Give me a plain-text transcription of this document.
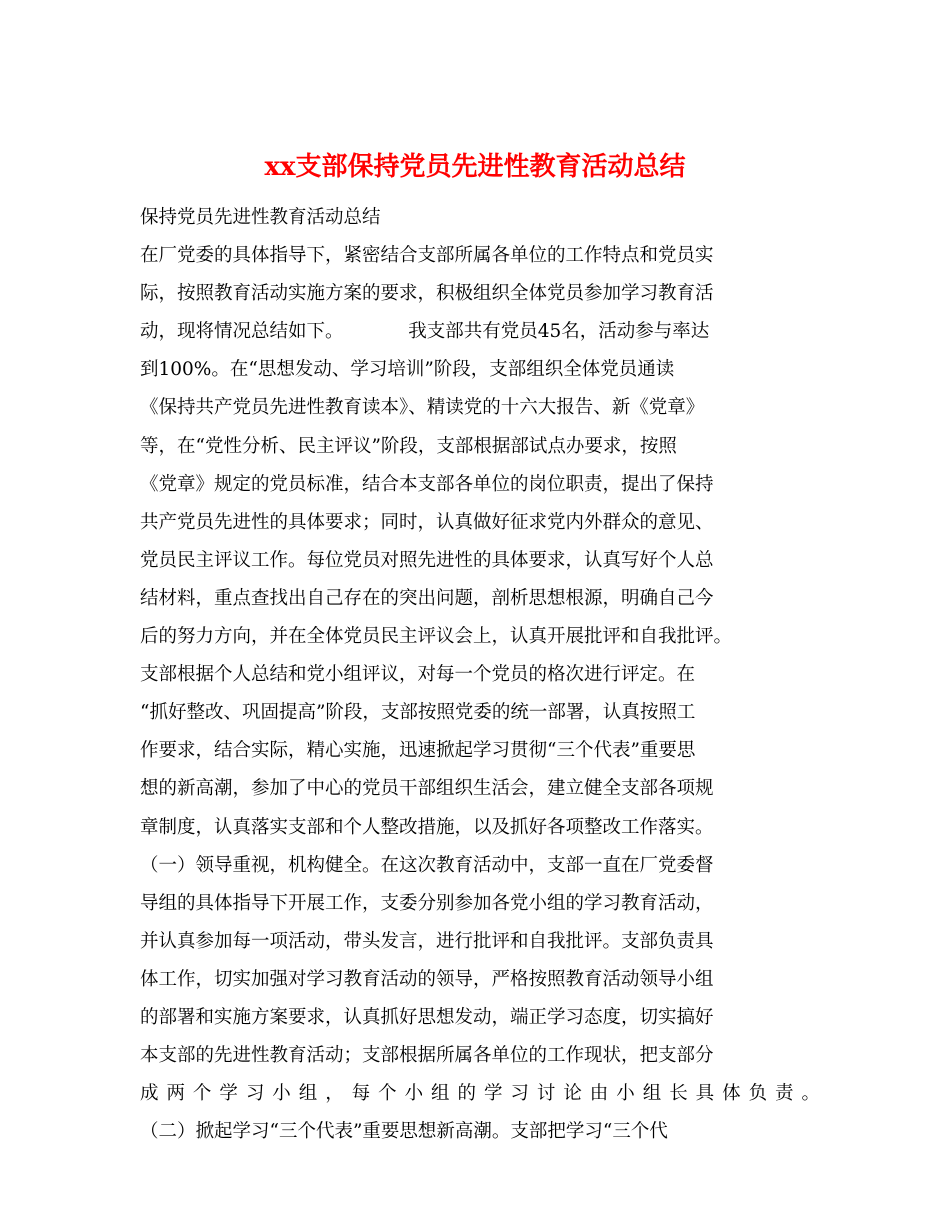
xx支部保持党员先进性教育活动总结
保持党员先进性教育活动总结
在厂党委的具体指导下，紧密结合支部所属各单位的工作特点和党员实
际，按照教育活动实施方案的要求，积极组织全体党员参加学习教育活
动，现将情况总结如下。　　　　我支部共有党员45名，活动参与率达
到100%。在“思想发动、学习培训”阶段，支部组织全体党员通读
《保持共产党员先进性教育读本》、精读党的十六大报告、新《党章》
等，在“党性分析、民主评议”阶段，支部根据部试点办要求，按照
《党章》规定的党员标准，结合本支部各单位的岗位职责，提出了保持
共产党员先进性的具体要求；同时，认真做好征求党内外群众的意见、
党员民主评议工作。每位党员对照先进性的具体要求，认真写好个人总
结材料，重点查找出自己存在的突出问题，剖析思想根源，明确自己今
后的努力方向，并在全体党员民主评议会上，认真开展批评和自我批评。
支部根据个人总结和党小组评议，对每一个党员的格次进行评定。在
“抓好整改、巩固提高”阶段，支部按照党委的统一部署，认真按照工
作要求，结合实际，精心实施，迅速掀起学习贯彻“三个代表”重要思
想的新高潮，参加了中心的党员干部组织生活会，建立健全支部各项规
章制度，认真落实支部和个人整改措施，以及抓好各项整改工作落实。
（一）领导重视，机构健全。在这次教育活动中，支部一直在厂党委督
导组的具体指导下开展工作，支委分别参加各党小组的学习教育活动，
并认真参加每一项活动，带头发言，进行批评和自我批评。支部负责具
体工作，切实加强对学习教育活动的领导，严格按照教育活动领导小组
的部署和实施方案要求，认真抓好思想发动，端正学习态度，切实搞好
本支部的先进性教育活动；支部根据所属各单位的工作现状，把支部分
成两个学习小组，每个小组的学习讨论由小组长具体负责。
（二）掀起学习“三个代表”重要思想新高潮。支部把学习“三个代
